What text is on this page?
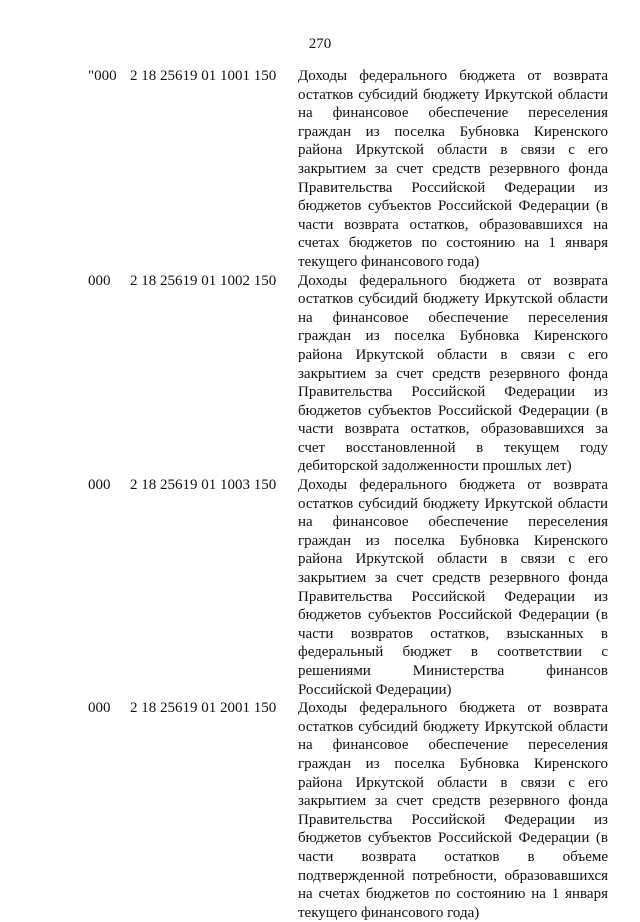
270
"000 2 18 25619 01 1001 150 Доходы федерального бюджета от возврата
остатков субсидий бюджету Иркутской области
на финансовое обеспечение переселения
граждан из поселка Бубновка Киренского
района Иркутской области в связи с его
закрытием за счет средств резервного фонда
Правительства Российской Федерации из
бюджетов субъектов Российской Федерации (в
части возврата остатков, образовавшихся на
счетах бюджетов по состоянию на 1 января
текущего финансового года)
000 2 18 25619 01 1002 150 Доходы федерального бюджета от возврата
остатков субсидий бюджету Иркутской области
на финансовое обеспечение переселения
граждан из поселка Бубновка Киренского
района Иркутской области в связи с его
закрытием за счет средств резервного фонда
Правительства Российской Федерации из
бюджетов субъектов Российской Федерации (в
части возврата остатков, образовавшихся за
счет восстановленной в текущем году
дебиторской задолженности прошлых лет)
000 2 18 25619 01 1003 150 Доходы федерального бюджета от возврата
остатков субсидий бюджету Иркутской области
на финансовое обеспечение переселения
граждан из поселка Бубновка Киренского
района Иркутской области в связи с его
закрытием за счет средств резервного фонда
Правительства Российской Федерации из
бюджетов субъектов Российской Федерации (в
части возвратов остатков, взысканных в
федеральный бюджет в соответствии с
решениями Министерства финансов
Российской Федерации)
000 2 18 25619 01 2001 150 Доходы федерального бюджета от возврата
остатков субсидий бюджету Иркутской области
на финансовое обеспечение переселения
граждан из поселка Бубновка Киренского
района Иркутской области в связи с его
закрытием за счет средств резервного фонда
Правительства Российской Федерации из
бюджетов субъектов Российской Федерации (в
части возврата остатков в объеме
подтвержденной потребности, образовавшихся
на счетах бюджетов по состоянию на 1 января
текущего финансового года)
